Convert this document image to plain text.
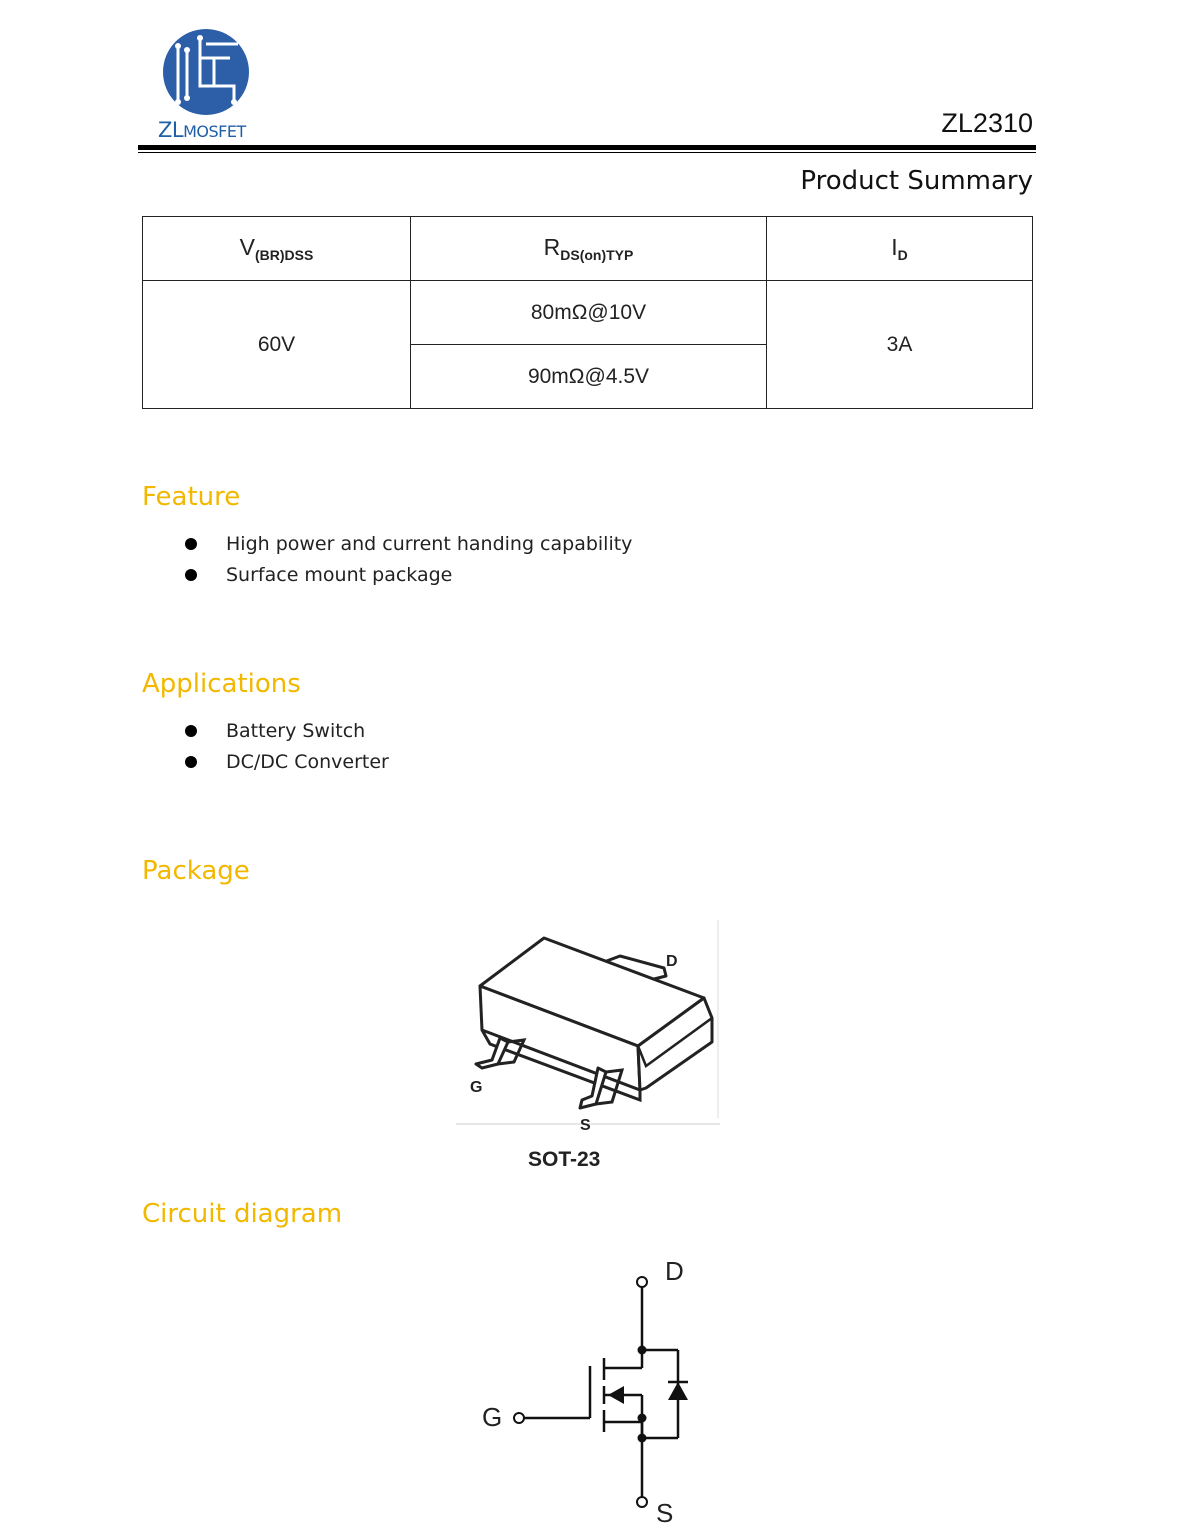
ZLMOSFET	ZL2310
Product Summary
$V_{(BR)DSS}$	$R_{DS(on)TYP}$	$I_D$
60V	80mΩ@10V	3A
	90mΩ@4.5V	
Feature
High power and current handing capability
Surface mount package
Applications
Battery Switch
DC/DC Converter
Package
D
G
S
SOT-23
Circuit diagram
D
G
S
